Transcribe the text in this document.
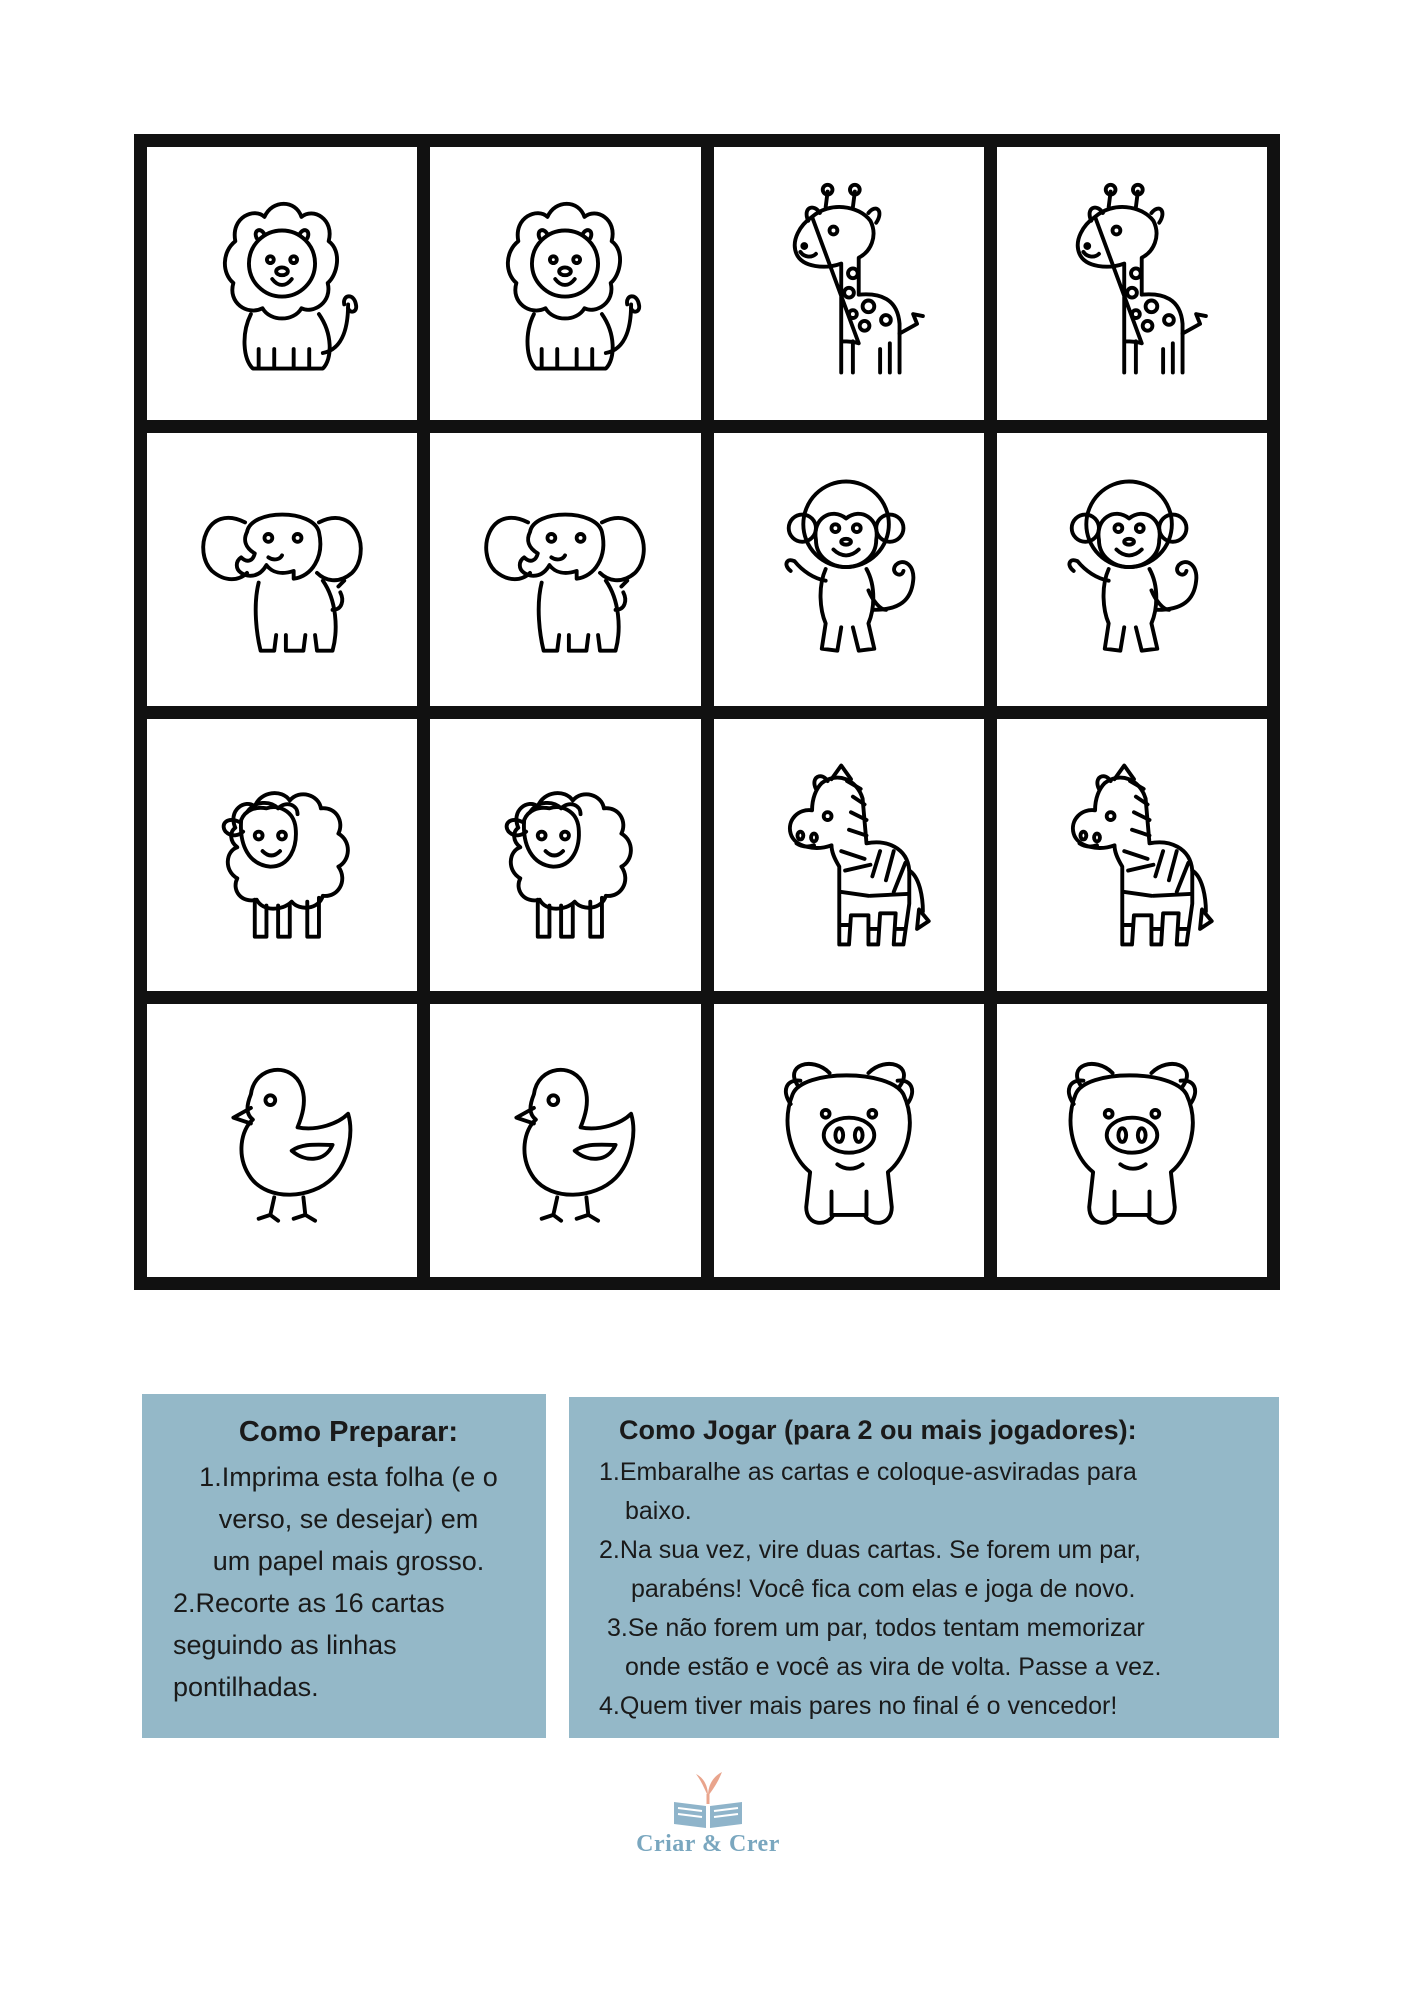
Como Preparar:

1.Imprima esta folha (e o

verso, se desejar) em

um papel mais grosso.

2.Recorte as 16 cartas

seguindo as linhas

pontilhadas.

Como Jogar (para 2 ou mais jogadores):

1.Embaralhe as cartas e coloque-asviradas para

baixo.

2.Na sua vez, vire duas cartas. Se forem um par,

parabéns! Você fica com elas e joga de novo.

3.Se não forem um par, todos tentam memorizar

onde estão e você as vira de volta. Passe a vez.

4.Quem tiver mais pares no final é o vencedor!

Criar & Crer
